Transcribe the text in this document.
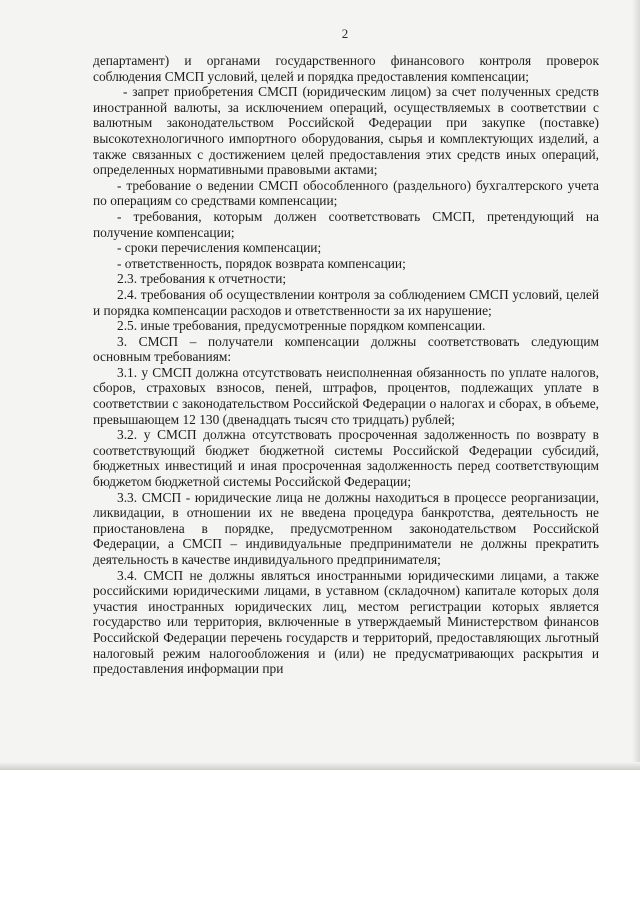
2

департамент) и органами государственного финансового контроля проверок соблюдения СМСП условий, целей и порядка предоставления компенсации;

- запрет приобретения СМСП (юридическим лицом) за счет полученных средств иностранной валюты, за исключением операций, осуществляемых в соответствии с валютным законодательством Российской Федерации при закупке (поставке) высокотехнологичного импортного оборудования, сырья и комплектующих изделий, а также связанных с достижением целей предоставления этих средств иных операций, определенных нормативными правовыми актами;

- требование о ведении СМСП обособленного (раздельного) бухгалтерского учета по операциям со средствами компенсации;

- требования, которым должен соответствовать СМСП, претендующий на получение компенсации;

- сроки перечисления компенсации;

- ответственность, порядок возврата компенсации;

2.3. требования к отчетности;

2.4. требования об осуществлении контроля за соблюдением СМСП условий, целей и порядка компенсации расходов и ответственности за их нарушение;

2.5. иные требования, предусмотренные порядком компенсации.

3. СМСП – получатели компенсации должны соответствовать следующим основным требованиям:

3.1. у СМСП должна отсутствовать неисполненная обязанность по уплате налогов, сборов, страховых взносов, пеней, штрафов, процентов, подлежащих уплате в соответствии с законодательством Российской Федерации о налогах и сборах, в объеме, превышающем 12 130 (двенадцать тысяч сто тридцать) рублей;

3.2. у СМСП должна отсутствовать просроченная задолженность по возврату в соответствующий бюджет бюджетной системы Российской Федерации субсидий, бюджетных инвестиций и иная просроченная задолженность перед соответствующим бюджетом бюджетной системы Российской Федерации;

3.3. СМСП - юридические лица не должны находиться в процессе реорганизации, ликвидации, в отношении их не введена процедура банкротства, деятельность не приостановлена в порядке, предусмотренном законодательством Российской Федерации, а СМСП – индивидуальные предприниматели не должны прекратить деятельность в качестве индивидуального предпринимателя;

3.4. СМСП не должны являться иностранными юридическими лицами, а также российскими юридическими лицами, в уставном (складочном) капитале которых доля участия иностранных юридических лиц, местом регистрации которых является государство или территория, включенные в утверждаемый Министерством финансов Российской Федерации перечень государств и территорий, предоставляющих льготный налоговый режим налогообложения и (или) не предусматривающих раскрытия и предоставления информации при
